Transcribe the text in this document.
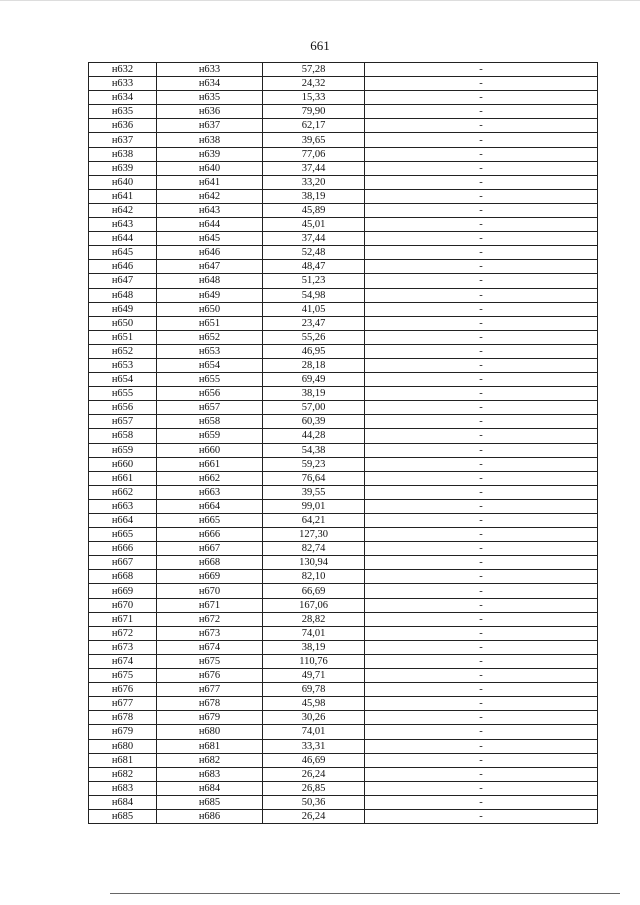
661
н632	н633	57,28	-
н633	н634	24,32	-
н634	н635	15,33	-
н635	н636	79,90	-
н636	н637	62,17	-
н637	н638	39,65	-
н638	н639	77,06	-
н639	н640	37,44	-
н640	н641	33,20	-
н641	н642	38,19	-
н642	н643	45,89	-
н643	н644	45,01	-
н644	н645	37,44	-
н645	н646	52,48	-
н646	н647	48,47	-
н647	н648	51,23	-
н648	н649	54,98	-
н649	н650	41,05	-
н650	н651	23,47	-
н651	н652	55,26	-
н652	н653	46,95	-
н653	н654	28,18	-
н654	н655	69,49	-
н655	н656	38,19	-
н656	н657	57,00	-
н657	н658	60,39	-
н658	н659	44,28	-
н659	н660	54,38	-
н660	н661	59,23	-
н661	н662	76,64	-
н662	н663	39,55	-
н663	н664	99,01	-
н664	н665	64,21	-
н665	н666	127,30	-
н666	н667	82,74	-
н667	н668	130,94	-
н668	н669	82,10	-
н669	н670	66,69	-
н670	н671	167,06	-
н671	н672	28,82	-
н672	н673	74,01	-
н673	н674	38,19	-
н674	н675	110,76	-
н675	н676	49,71	-
н676	н677	69,78	-
н677	н678	45,98	-
н678	н679	30,26	-
н679	н680	74,01	-
н680	н681	33,31	-
н681	н682	46,69	-
н682	н683	26,24	-
н683	н684	26,85	-
н684	н685	50,36	-
н685	н686	26,24	-
